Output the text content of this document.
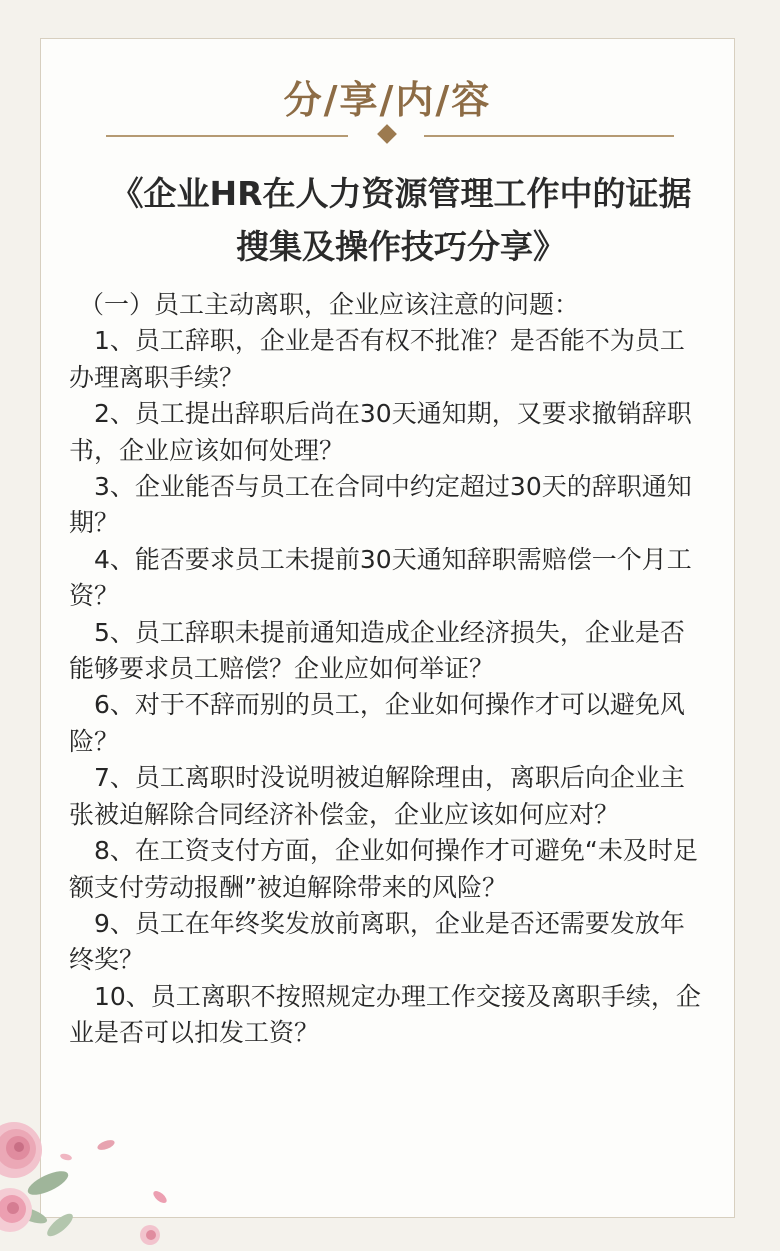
分/享/内/容
《企业HR在人力资源管理工作中的证据搜集及操作技巧分享》

（一）员工主动离职，企业应该注意的问题：

1、员工辞职，企业是否有权不批准？是否能不为员工办理离职手续？

2、员工提出辞职后尚在30天通知期，又要求撤销辞职书，企业应该如何处理？

3、企业能否与员工在合同中约定超过30天的辞职通知期？

4、能否要求员工未提前30天通知辞职需赔偿一个月工资？

5、员工辞职未提前通知造成企业经济损失，企业是否能够要求员工赔偿？企业应如何举证？

6、对于不辞而别的员工，企业如何操作才可以避免风险？

7、员工离职时没说明被迫解除理由，离职后向企业主张被迫解除合同经济补偿金，企业应该如何应对？

8、在工资支付方面，企业如何操作才可避免“未及时足额支付劳动报酬”被迫解除带来的风险？

9、员工在年终奖发放前离职，企业是否还需要发放年终奖？

10、员工离职不按照规定办理工作交接及离职手续，企业是否可以扣发工资？
